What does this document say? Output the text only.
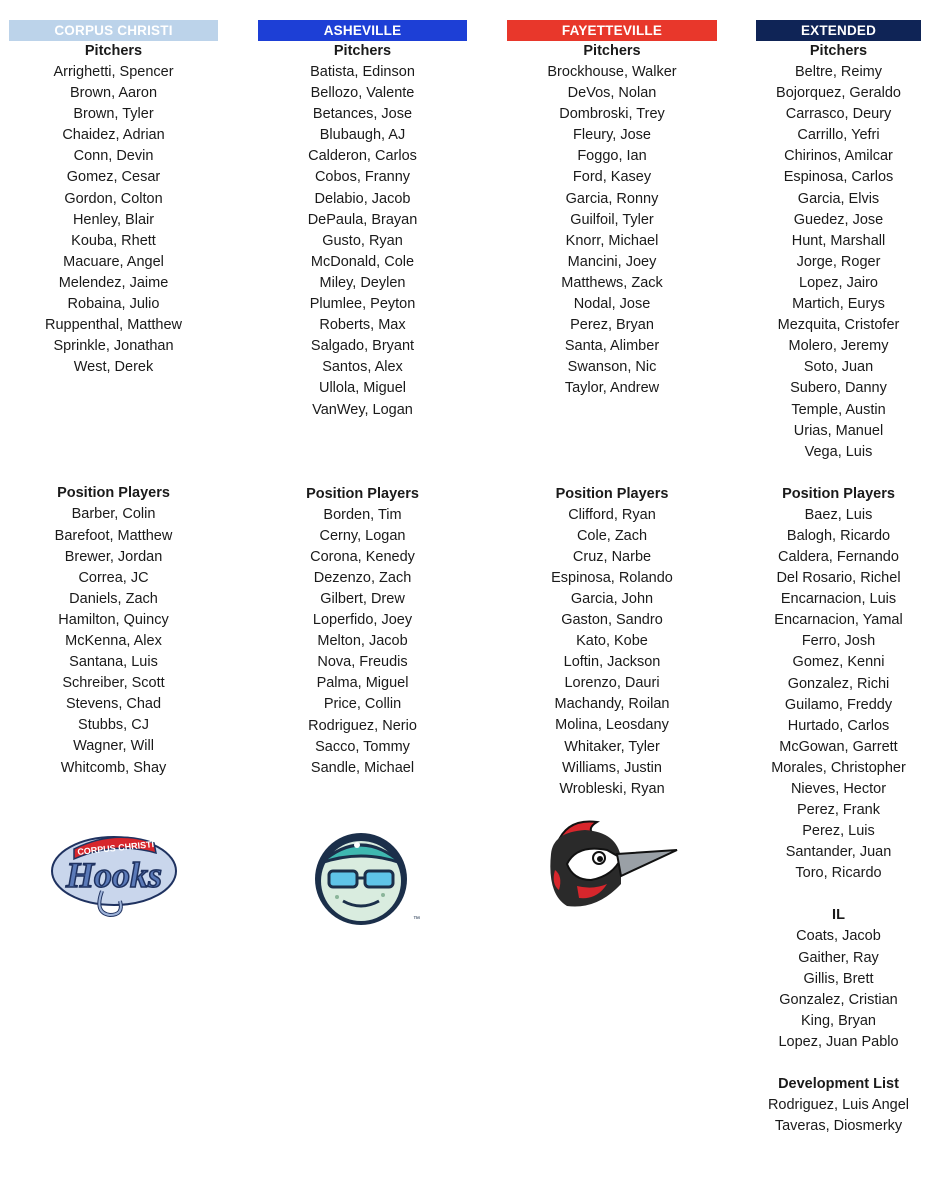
CORPUS CHRISTI
Pitchers
Arrighetti, Spencer
Brown, Aaron
Brown, Tyler
Chaidez, Adrian
Conn, Devin
Gomez, Cesar
Gordon, Colton
Henley, Blair
Kouba, Rhett
Macuare, Angel
Melendez, Jaime
Robaina, Julio
Ruppenthal, Matthew
Sprinkle, Jonathan
West, Derek
Position Players
Barber, Colin
Barefoot, Matthew
Brewer, Jordan
Correa, JC
Daniels, Zach
Hamilton, Quincy
McKenna, Alex
Santana, Luis
Schreiber, Scott
Stevens, Chad
Stubbs, CJ
Wagner, Will
Whitcomb, Shay
CORPUS CHRISTI
Hooks
ASHEVILLE
Pitchers
Batista, Edinson
Bellozo, Valente
Betances, Jose
Blubaugh, AJ
Calderon, Carlos
Cobos, Franny
Delabio, Jacob
DePaula, Brayan
Gusto, Ryan
McDonald, Cole
Miley, Deylen
Plumlee, Peyton
Roberts, Max
Salgado, Bryant
Santos, Alex
Ullola, Miguel
VanWey, Logan
Position Players
Borden, Tim
Cerny, Logan
Corona, Kenedy
Dezenzo, Zach
Gilbert, Drew
Loperfido, Joey
Melton, Jacob
Nova, Freudis
Palma, Miguel
Price, Collin
Rodriguez, Nerio
Sacco, Tommy
Sandle, Michael
™
FAYETTEVILLE
Pitchers
Brockhouse, Walker
DeVos, Nolan
Dombroski, Trey
Fleury, Jose
Foggo, Ian
Ford, Kasey
Garcia, Ronny
Guilfoil, Tyler
Knorr, Michael
Mancini, Joey
Matthews, Zack
Nodal, Jose
Perez, Bryan
Santa, Alimber
Swanson, Nic
Taylor, Andrew
Position Players
Clifford, Ryan
Cole, Zach
Cruz, Narbe
Espinosa, Rolando
Garcia, John
Gaston, Sandro
Kato, Kobe
Loftin, Jackson
Lorenzo, Dauri
Machandy, Roilan
Molina, Leosdany
Whitaker, Tyler
Williams, Justin
Wrobleski, Ryan
EXTENDED
Pitchers
Beltre, Reimy
Bojorquez, Geraldo
Carrasco, Deury
Carrillo, Yefri
Chirinos, Amilcar
Espinosa, Carlos
Garcia, Elvis
Guedez, Jose
Hunt, Marshall
Jorge, Roger
Lopez, Jairo
Martich, Eurys
Mezquita, Cristofer
Molero, Jeremy
Soto, Juan
Subero, Danny
Temple, Austin
Urias, Manuel
Vega, Luis
Position Players
Baez, Luis
Balogh, Ricardo
Caldera, Fernando
Del Rosario, Richel
Encarnacion, Luis
Encarnacion, Yamal
Ferro, Josh
Gomez, Kenni
Gonzalez, Richi
Guilamo, Freddy
Hurtado, Carlos
McGowan, Garrett
Morales, Christopher
Nieves, Hector
Perez, Frank
Perez, Luis
Santander, Juan
Toro, Ricardo
IL
Coats, Jacob
Gaither, Ray
Gillis, Brett
Gonzalez, Cristian
King, Bryan
Lopez, Juan Pablo
Development List
Rodriguez, Luis Angel
Taveras, Diosmerky
